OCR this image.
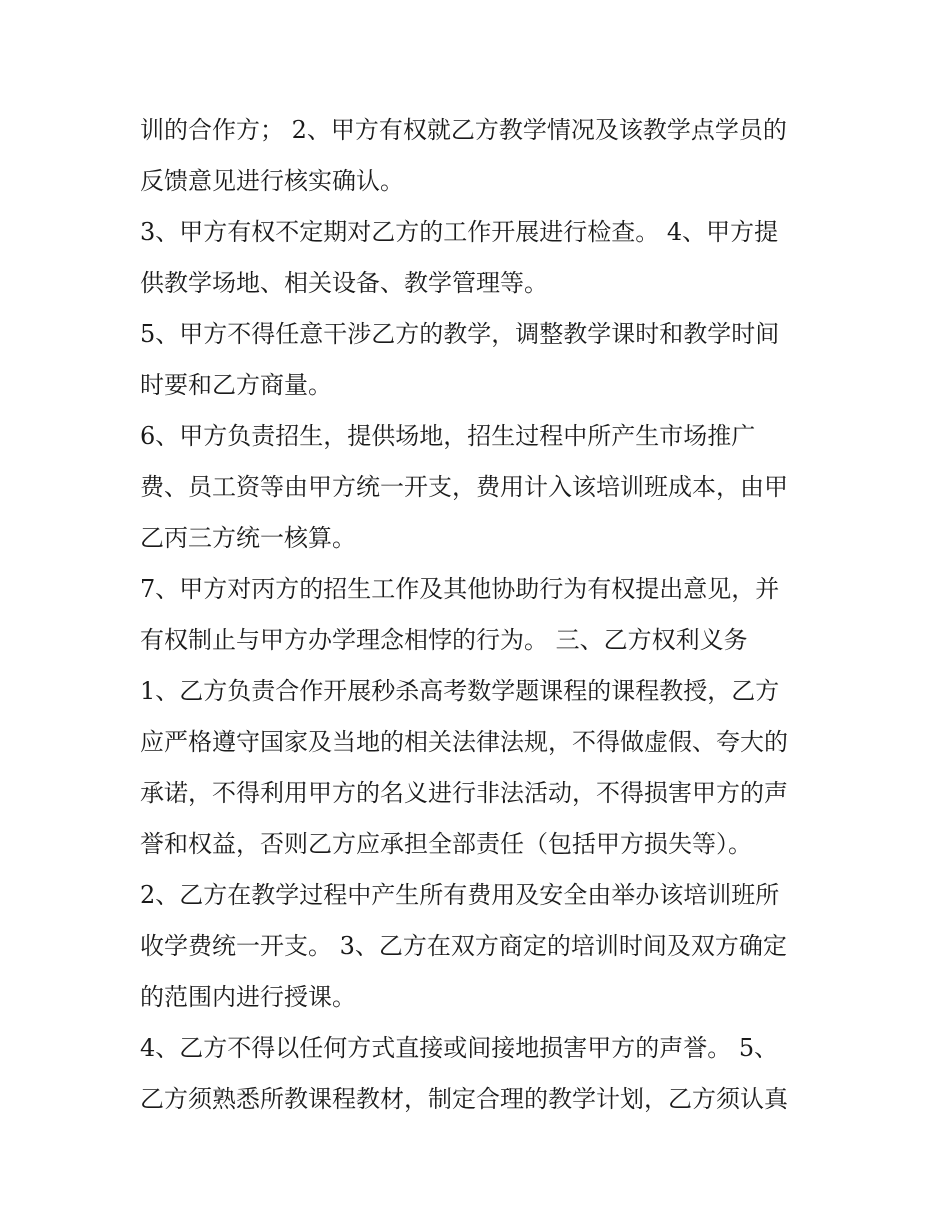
训的合作方； 2、甲方有权就乙方教学情况及该教学点学员的

反馈意见进行核实确认。

3、甲方有权不定期对乙方的工作开展进行检查。 4、甲方提

供教学场地、相关设备、教学管理等。

5、甲方不得任意干涉乙方的教学，调整教学课时和教学时间

时要和乙方商量。

6、甲方负责招生，提供场地，招生过程中所产生市场推广

费、员工资等由甲方统一开支，费用计入该培训班成本，由甲

乙丙三方统一核算。

7、甲方对丙方的招生工作及其他协助行为有权提出意见，并

有权制止与甲方办学理念相悖的行为。 三、乙方权利义务

1、乙方负责合作开展秒杀高考数学题课程的课程教授，乙方

应严格遵守国家及当地的相关法律法规，不得做虚假、夸大的

承诺，不得利用甲方的名义进行非法活动，不得损害甲方的声

誉和权益，否则乙方应承担全部责任（包括甲方损失等）。

2、乙方在教学过程中产生所有费用及安全由举办该培训班所

收学费统一开支。 3、乙方在双方商定的培训时间及双方确定

的范围内进行授课。

4、乙方不得以任何方式直接或间接地损害甲方的声誉。 5、

乙方须熟悉所教课程教材，制定合理的教学计划，乙方须认真
